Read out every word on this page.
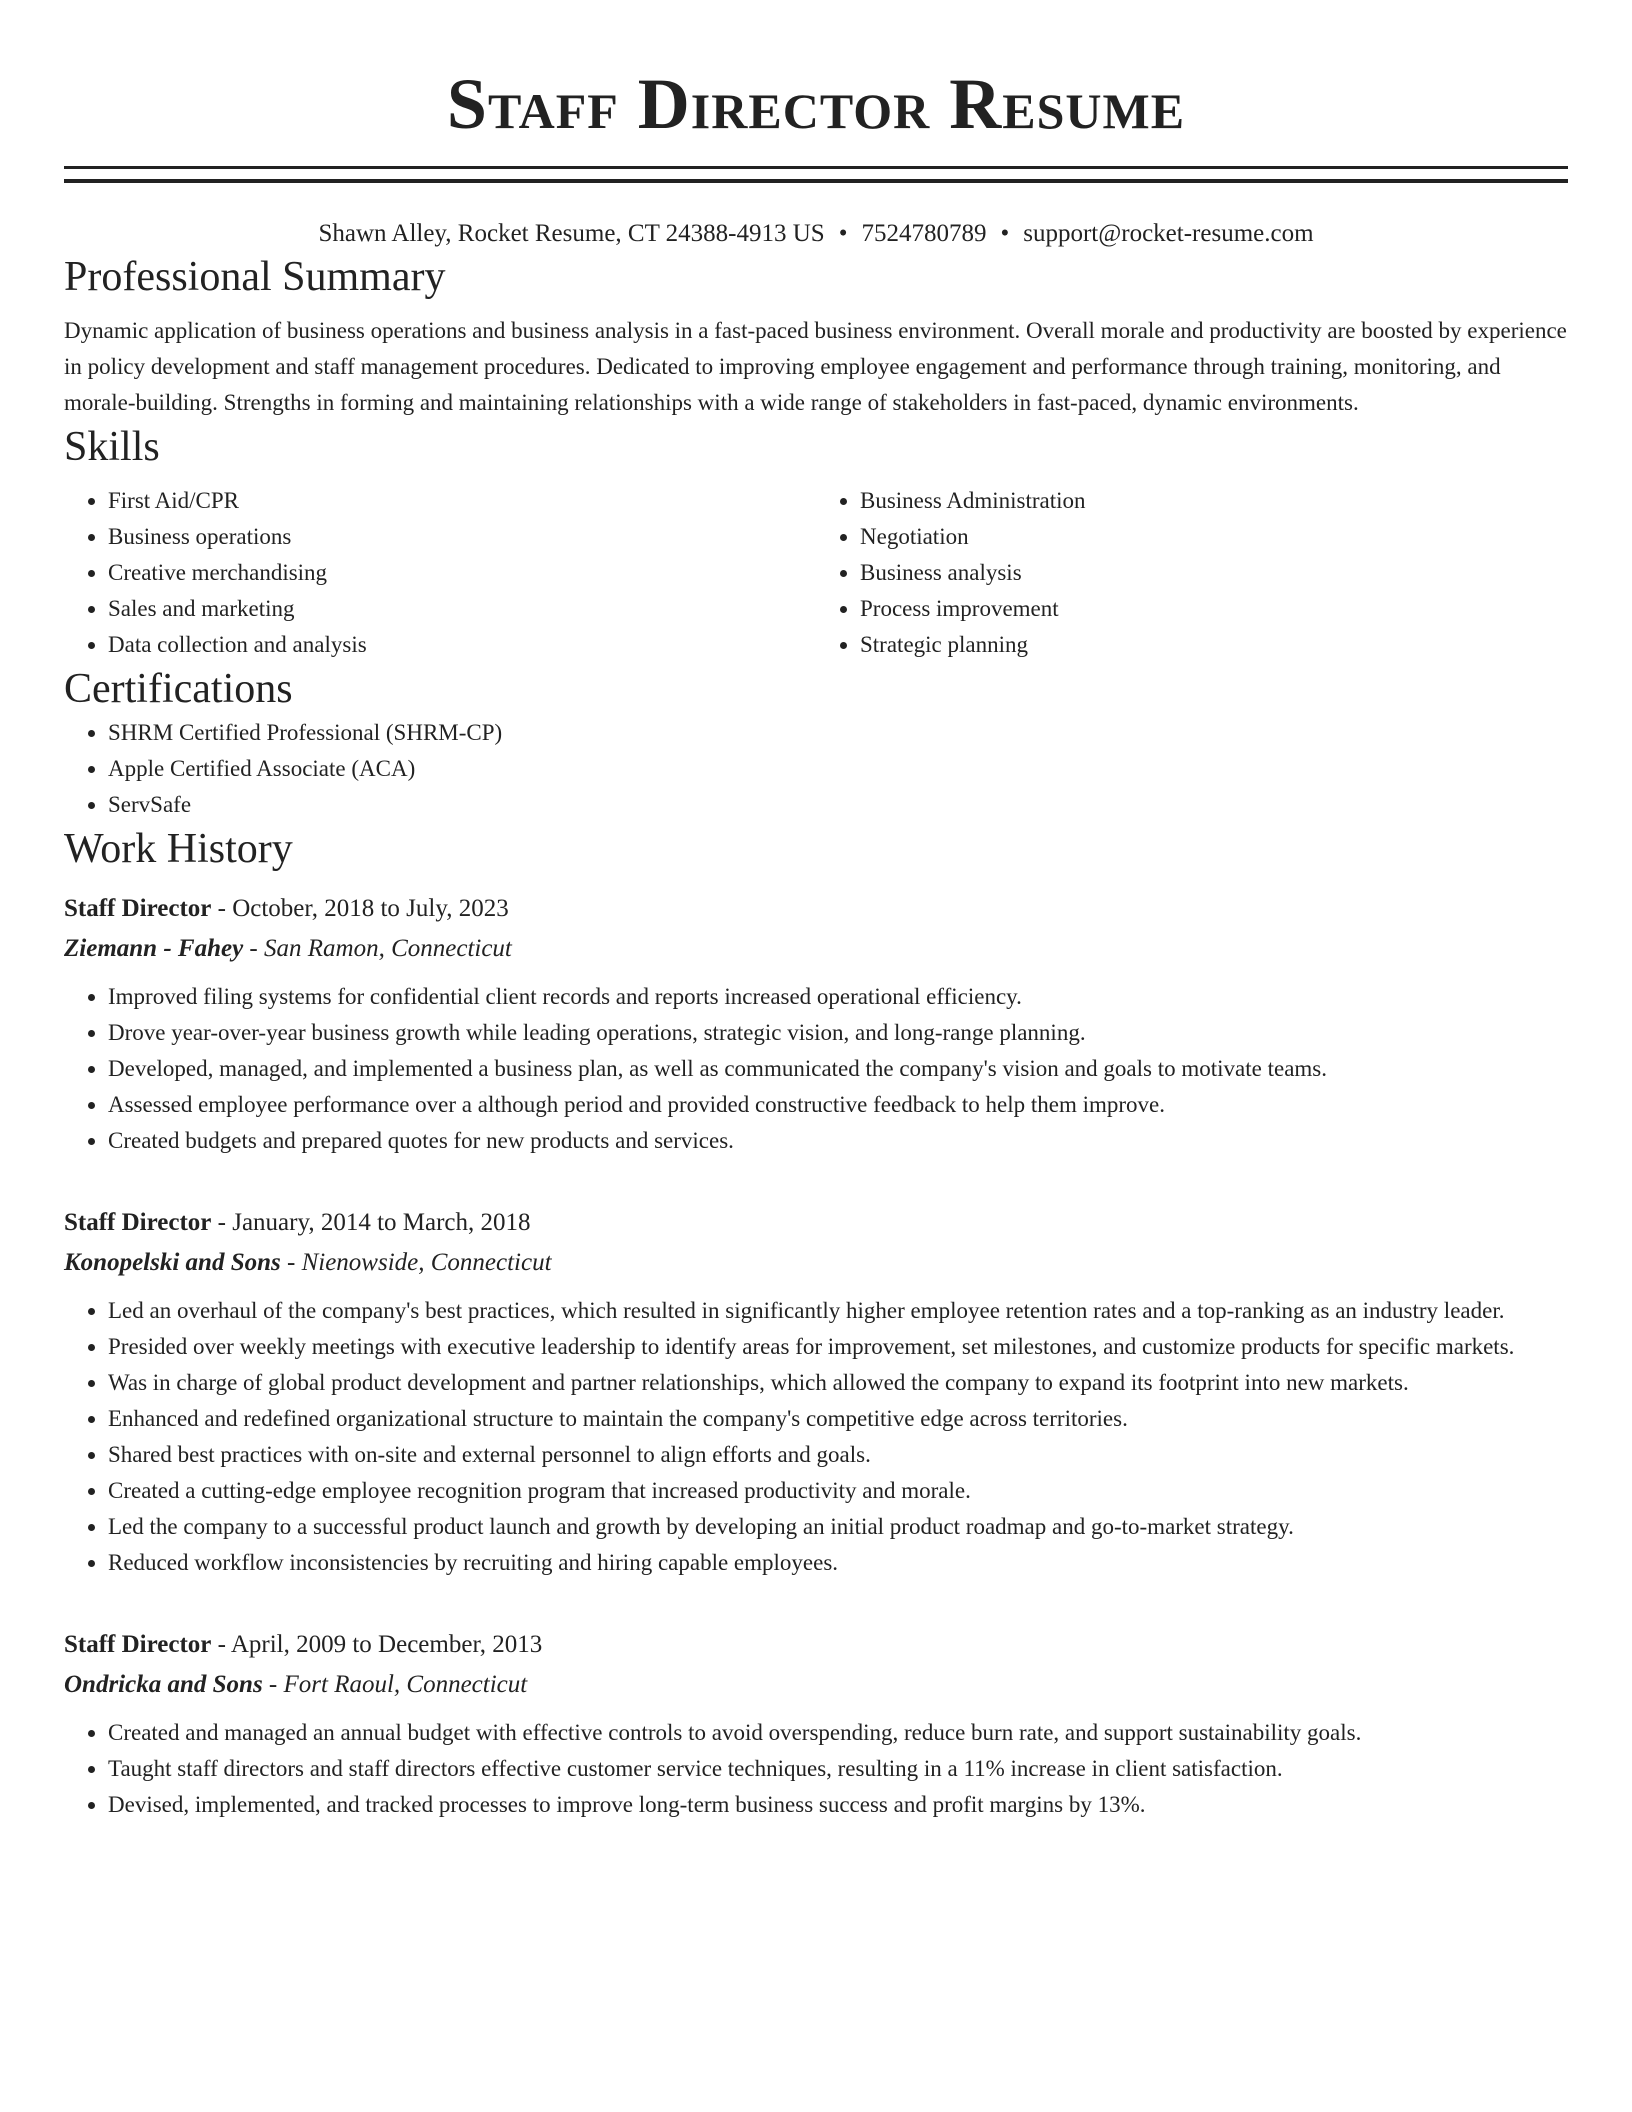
Staff Director Resume
Shawn Alley, Rocket Resume, CT 24388-4913 US • 7524780789 • support@rocket-resume.com
Professional Summary

Dynamic application of business operations and business analysis in a fast-paced business environment. Overall morale and productivity are boosted by experience in policy development and staff management procedures. Dedicated to improving employee engagement and performance through training, monitoring, and morale-building. Strengths in forming and maintaining relationships with a wide range of stakeholders in fast-paced, dynamic environments.

Skills
• First Aid/CPR
• Business operations
• Creative merchandising
• Sales and marketing
• Data collection and analysis
• Business Administration
• Negotiation
• Business analysis
• Process improvement
• Strategic planning
Certifications
• SHRM Certified Professional (SHRM-CP)
• Apple Certified Associate (ACA)
• ServSafe
Work History
Staff Director - October, 2018 to July, 2023
Ziemann - Fahey - San Ramon, Connecticut
• Improved filing systems for confidential client records and reports increased operational efficiency.
• Drove year-over-year business growth while leading operations, strategic vision, and long-range planning.
• Developed, managed, and implemented a business plan, as well as communicated the company's vision and goals to motivate teams.
• Assessed employee performance over a although period and provided constructive feedback to help them improve.
• Created budgets and prepared quotes for new products and services.
Staff Director - January, 2014 to March, 2018
Konopelski and Sons - Nienowside, Connecticut
• Led an overhaul of the company's best practices, which resulted in significantly higher employee retention rates and a top-ranking as an industry leader.
• Presided over weekly meetings with executive leadership to identify areas for improvement, set milestones, and customize products for specific markets.
• Was in charge of global product development and partner relationships, which allowed the company to expand its footprint into new markets.
• Enhanced and redefined organizational structure to maintain the company's competitive edge across territories.
• Shared best practices with on-site and external personnel to align efforts and goals.
• Created a cutting-edge employee recognition program that increased productivity and morale.
• Led the company to a successful product launch and growth by developing an initial product roadmap and go-to-market strategy.
• Reduced workflow inconsistencies by recruiting and hiring capable employees.
Staff Director - April, 2009 to December, 2013
Ondricka and Sons - Fort Raoul, Connecticut
• Created and managed an annual budget with effective controls to avoid overspending, reduce burn rate, and support sustainability goals.
• Taught staff directors and staff directors effective customer service techniques, resulting in a 11% increase in client satisfaction.
• Devised, implemented, and tracked processes to improve long-term business success and profit margins by 13%.
